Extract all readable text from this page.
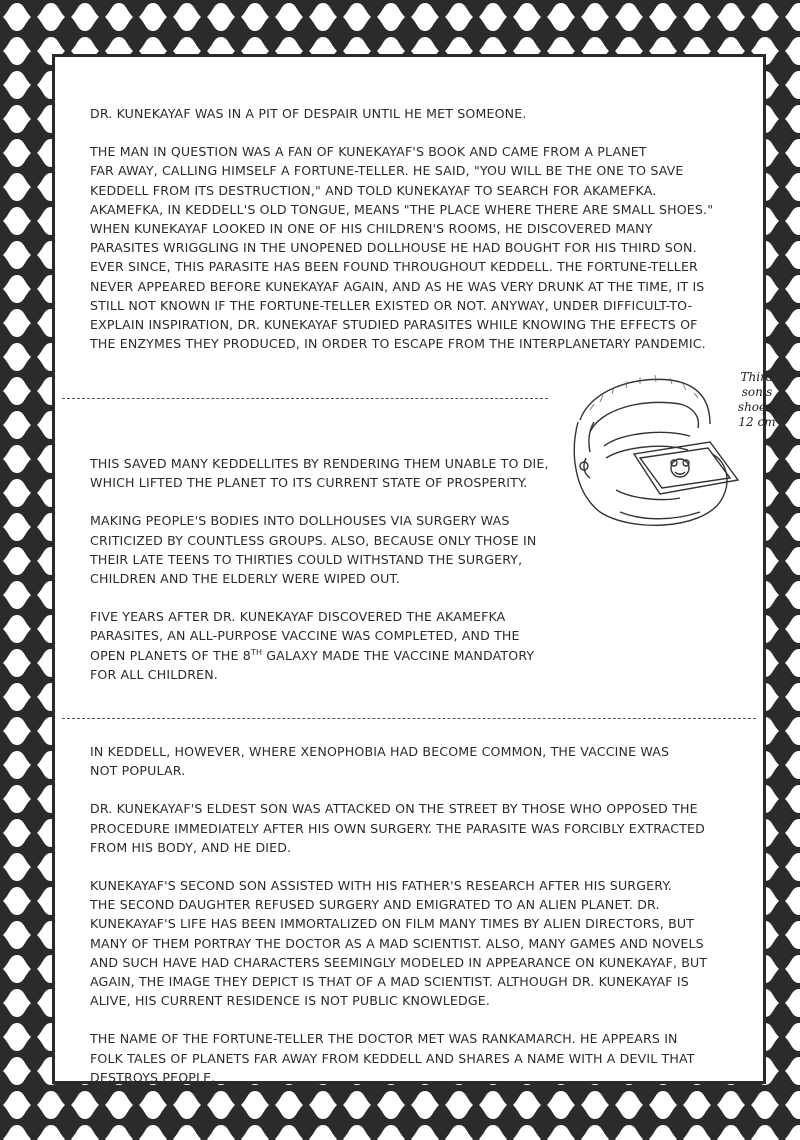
DR. KUNEKAYAF WAS IN A PIT OF DESPAIR UNTIL HE MET SOMEONE.

THE MAN IN QUESTION WAS A FAN OF KUNEKAYAF'S BOOK AND CAME FROM A PLANET
FAR AWAY, CALLING HIMSELF A FORTUNE-TELLER. HE SAID, "YOU WILL BE THE ONE TO SAVE
KEDDELL FROM ITS DESTRUCTION," AND TOLD KUNEKAYAF TO SEARCH FOR AKAMEFKA.
AKAMEFKA, IN KEDDELL'S OLD TONGUE, MEANS "THE PLACE WHERE THERE ARE SMALL SHOES."
WHEN KUNEKAYAF LOOKED IN ONE OF HIS CHILDREN'S ROOMS, HE DISCOVERED MANY
PARASITES WRIGGLING IN THE UNOPENED DOLLHOUSE HE HAD BOUGHT FOR HIS THIRD SON.
EVER SINCE, THIS PARASITE HAS BEEN FOUND THROUGHOUT KEDDELL. THE FORTUNE-TELLER
NEVER APPEARED BEFORE KUNEKAYAF AGAIN, AND AS HE WAS VERY DRUNK AT THE TIME, IT IS
STILL NOT KNOWN IF THE FORTUNE-TELLER EXISTED OR NOT. ANYWAY, UNDER DIFFICULT-TO-
EXPLAIN INSPIRATION, DR. KUNEKAYAF STUDIED PARASITES WHILE KNOWING THE EFFECTS OF
THE ENZYMES THEY PRODUCED, IN ORDER TO ESCAPE FROM THE INTERPLANETARY PANDEMIC.

Third
son's
shoes,
12 cm

THIS SAVED MANY KEDDELLITES BY RENDERING THEM UNABLE TO DIE,
WHICH LIFTED THE PLANET TO ITS CURRENT STATE OF PROSPERITY.

MAKING PEOPLE'S BODIES INTO DOLLHOUSES VIA SURGERY WAS
CRITICIZED BY COUNTLESS GROUPS. ALSO, BECAUSE ONLY THOSE IN
THEIR LATE TEENS TO THIRTIES COULD WITHSTAND THE SURGERY,
CHILDREN AND THE ELDERLY WERE WIPED OUT.

FIVE YEARS AFTER DR. KUNEKAYAF DISCOVERED THE AKAMEFKA
PARASITES, AN ALL-PURPOSE VACCINE WAS COMPLETED, AND THE
OPEN PLANETS OF THE 8TH GALAXY MADE THE VACCINE MANDATORY
FOR ALL CHILDREN.

IN KEDDELL, HOWEVER, WHERE XENOPHOBIA HAD BECOME COMMON, THE VACCINE WAS
NOT POPULAR.

DR. KUNEKAYAF'S ELDEST SON WAS ATTACKED ON THE STREET BY THOSE WHO OPPOSED THE
PROCEDURE IMMEDIATELY AFTER HIS OWN SURGERY. THE PARASITE WAS FORCIBLY EXTRACTED
FROM HIS BODY, AND HE DIED.

KUNEKAYAF'S SECOND SON ASSISTED WITH HIS FATHER'S RESEARCH AFTER HIS SURGERY.
THE SECOND DAUGHTER REFUSED SURGERY AND EMIGRATED TO AN ALIEN PLANET. DR.
KUNEKAYAF'S LIFE HAS BEEN IMMORTALIZED ON FILM MANY TIMES BY ALIEN DIRECTORS, BUT
MANY OF THEM PORTRAY THE DOCTOR AS A MAD SCIENTIST. ALSO, MANY GAMES AND NOVELS
AND SUCH HAVE HAD CHARACTERS SEEMINGLY MODELED IN APPEARANCE ON KUNEKAYAF, BUT
AGAIN, THE IMAGE THEY DEPICT IS THAT OF A MAD SCIENTIST. ALTHOUGH DR. KUNEKAYAF IS
ALIVE, HIS CURRENT RESIDENCE IS NOT PUBLIC KNOWLEDGE.

THE NAME OF THE FORTUNE-TELLER THE DOCTOR MET WAS RANKAMARCH. HE APPEARS IN
FOLK TALES OF PLANETS FAR AWAY FROM KEDDELL AND SHARES A NAME WITH A DEVIL THAT
DESTROYS PEOPLE.
